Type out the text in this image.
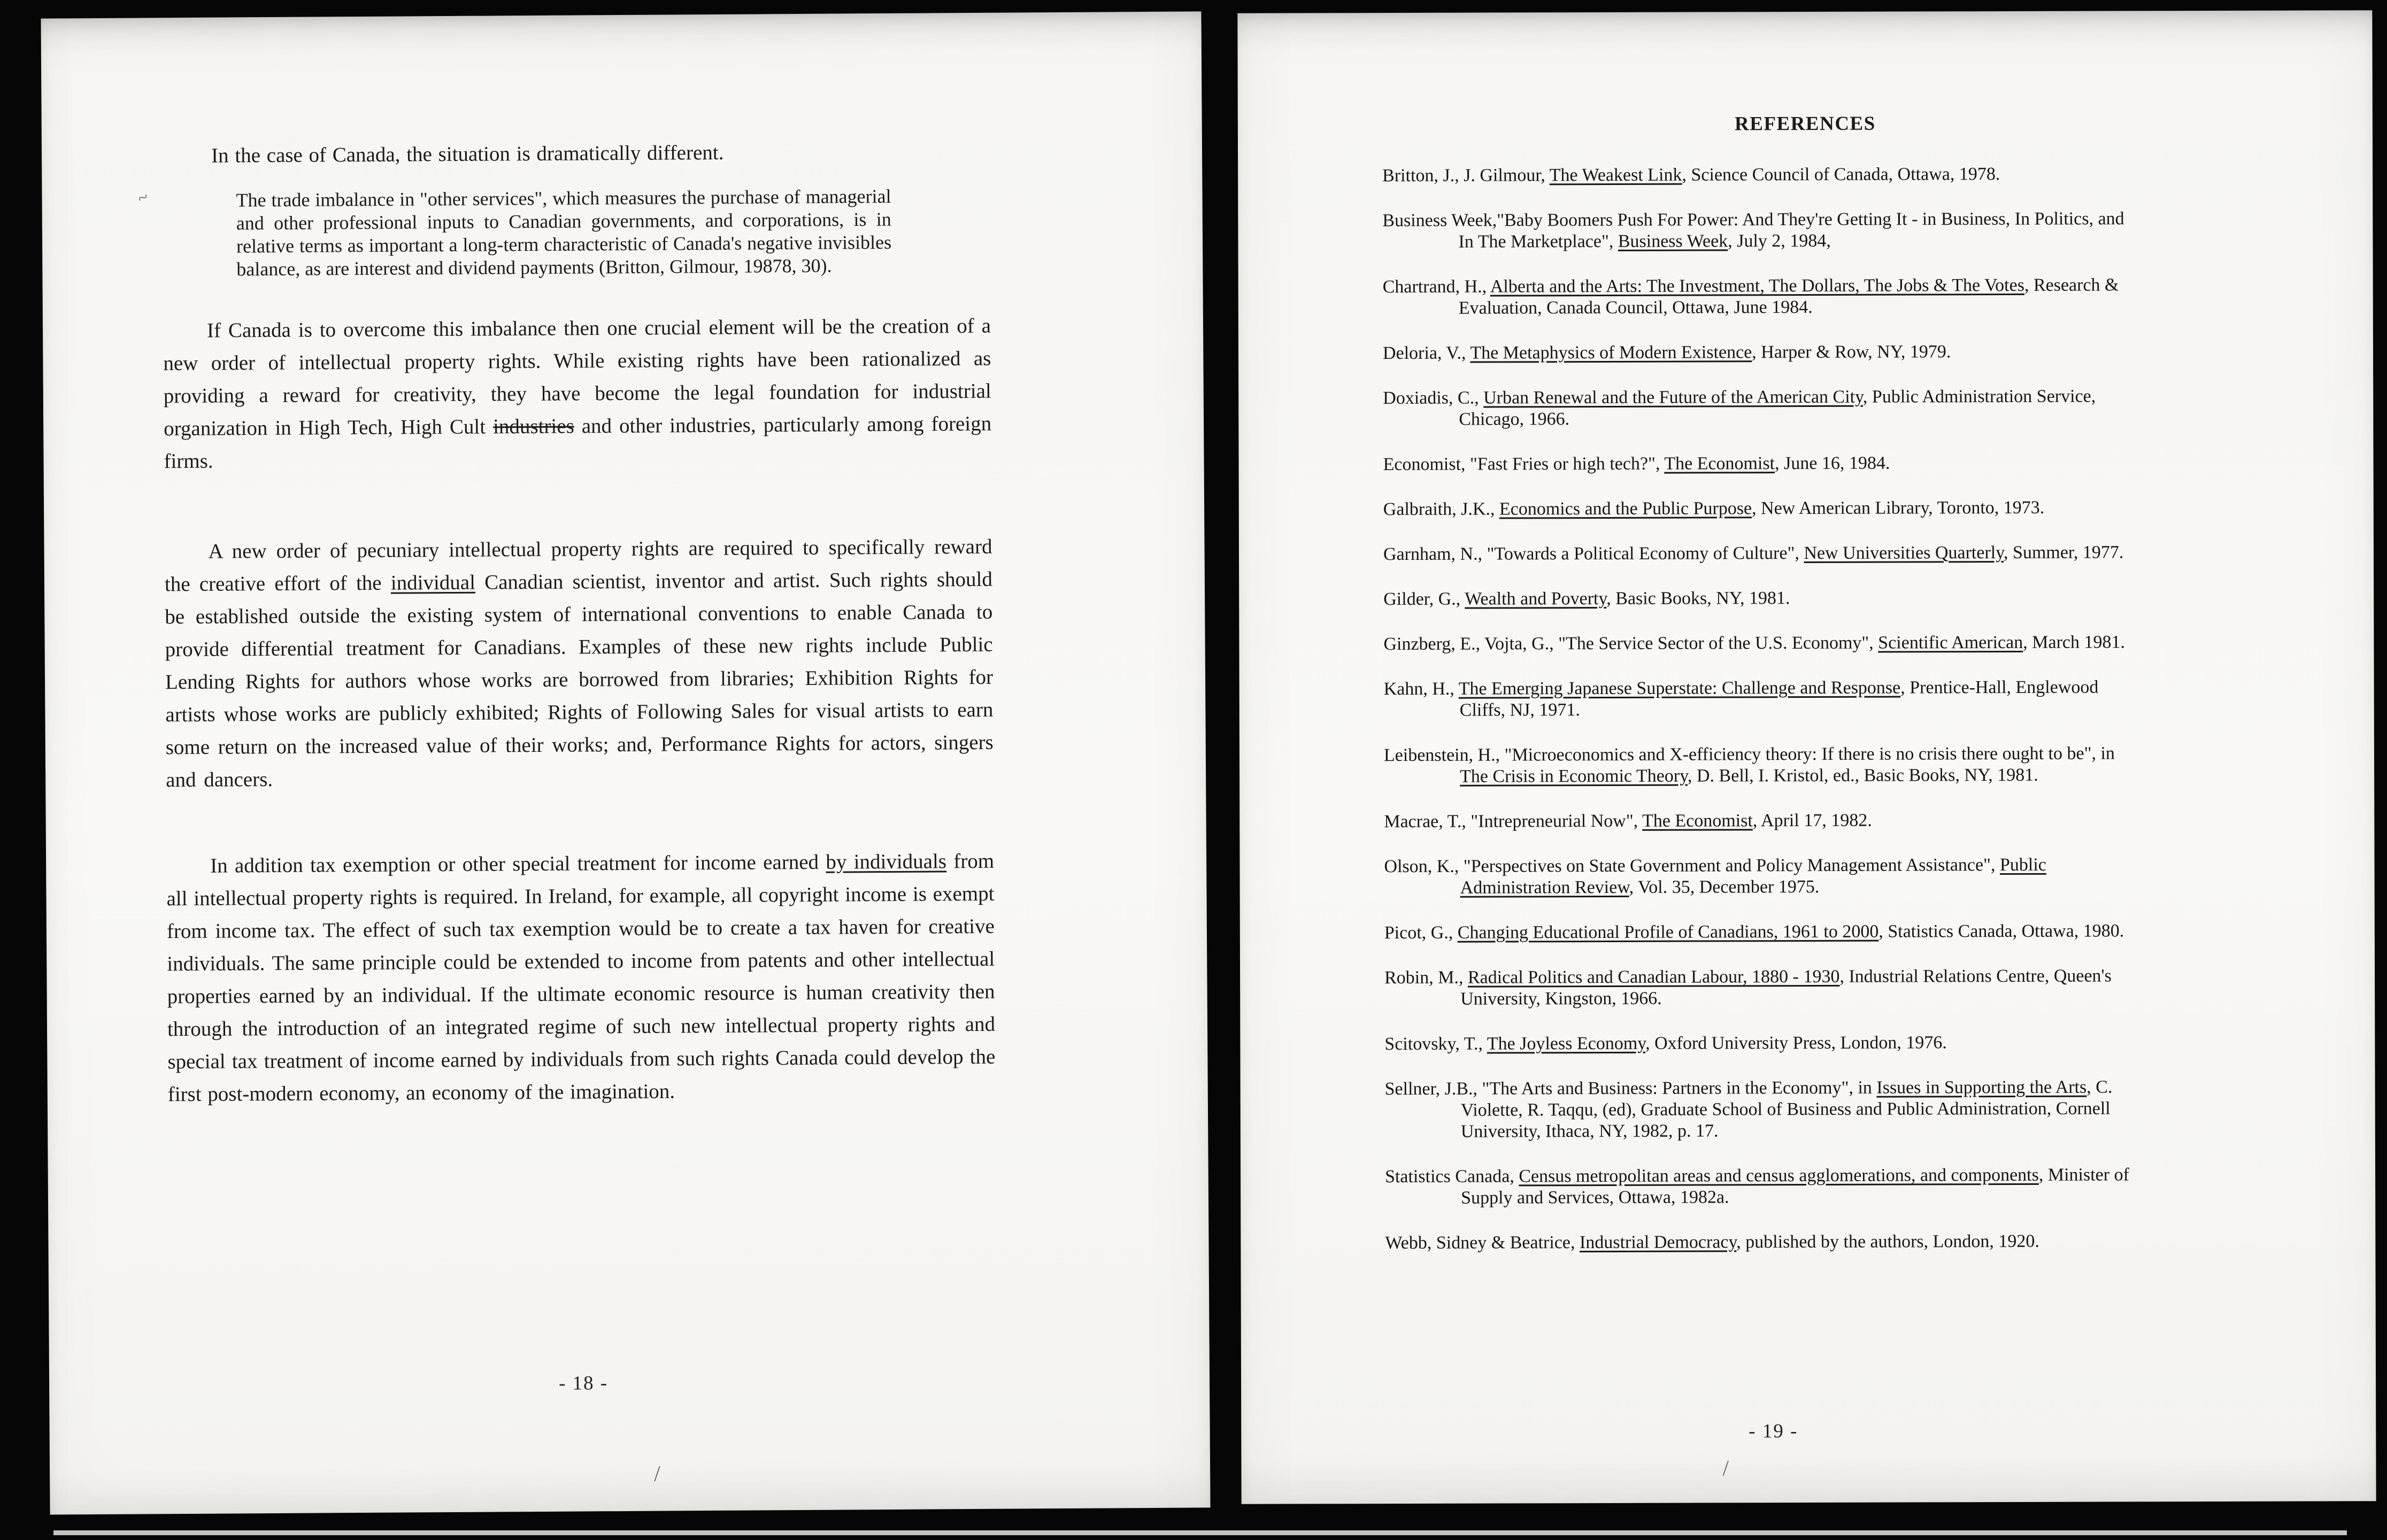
~

In the case of Canada, the situation is dramatically different.

The trade imbalance in "other services", which measures the purchase of managerial and other professional inputs to Canadian governments, and corporations, is in relative terms as important a long-term characteristic of Canada's negative invisibles balance, as are interest and dividend payments (Britton, Gilmour, 19878, 30).

If Canada is to overcome this imbalance then one crucial element will be the creation of a new order of intellectual property rights. While existing rights have been rationalized as providing a reward for creativity, they have become the legal foundation for industrial organization in High Tech, High Cult industries and other industries, particularly among foreign firms.

A new order of pecuniary intellectual property rights are required to specifically reward the creative effort of the individual Canadian scientist, inventor and artist. Such rights should be established outside the existing system of international conventions to enable Canada to provide differential treatment for Canadians. Examples of these new rights include Public Lending Rights for authors whose works are borrowed from libraries; Exhibition Rights for artists whose works are publicly exhibited; Rights of Following Sales for visual artists to earn some return on the increased value of their works; and, Performance Rights for actors, singers and dancers.

In addition tax exemption or other special treatment for income earned by individuals from all intellectual property rights is required. In Ireland, for example, all copyright income is exempt from income tax. The effect of such tax exemption would be to create a tax haven for creative individuals. The same principle could be extended to income from patents and other intellectual properties earned by an individual. If the ultimate economic resource is human creativity then through the introduction of an integrated regime of such new intellectual property rights and special tax treatment of income earned by individuals from such rights Canada could develop the first post-modern economy, an economy of the imagination.

- 18 -
/
REFERENCES
Britton, J., J. Gilmour, The Weakest Link, Science Council of Canada, Ottawa, 1978.
Business Week,"Baby Boomers Push For Power: And They're Getting It - in Business, In Politics, and In The Marketplace", Business Week, July 2, 1984,
Chartrand, H., Alberta and the Arts: The Investment, The Dollars, The Jobs & The Votes, Research & Evaluation, Canada Council, Ottawa, June 1984.
Deloria, V., The Metaphysics of Modern Existence, Harper & Row, NY, 1979.
Doxiadis, C., Urban Renewal and the Future of the American City, Public Administration Service, Chicago, 1966.
Economist, "Fast Fries or high tech?", The Economist, June 16, 1984.
Galbraith, J.K., Economics and the Public Purpose, New American Library, Toronto, 1973.
Garnham, N., "Towards a Political Economy of Culture", New Universities Quarterly, Summer, 1977.
Gilder, G., Wealth and Poverty, Basic Books, NY, 1981.
Ginzberg, E., Vojta, G., "The Service Sector of the U.S. Economy", Scientific American, March 1981.
Kahn, H., The Emerging Japanese Superstate: Challenge and Response, Prentice-Hall, Englewood Cliffs, NJ, 1971.
Leibenstein, H., "Microeconomics and X-efficiency theory: If there is no crisis there ought to be", in The Crisis in Economic Theory, D. Bell, I. Kristol, ed., Basic Books, NY, 1981.
Macrae, T., "Intrepreneurial Now", The Economist, April 17, 1982.
Olson, K., "Perspectives on State Government and Policy Management Assistance", Public Administration Review, Vol. 35, December 1975.
Picot, G., Changing Educational Profile of Canadians, 1961 to 2000, Statistics Canada, Ottawa, 1980.
Robin, M., Radical Politics and Canadian Labour, 1880 - 1930, Industrial Relations Centre, Queen's University, Kingston, 1966.
Scitovsky, T., The Joyless Economy, Oxford University Press, London, 1976.
Sellner, J.B., "The Arts and Business: Partners in the Economy", in Issues in Supporting the Arts, C. Violette, R. Taqqu, (ed), Graduate School of Business and Public Administration, Cornell University, Ithaca, NY, 1982, p. 17.
Statistics Canada, Census metropolitan areas and census agglomerations, and components, Minister of Supply and Services, Ottawa, 1982a.
Webb, Sidney & Beatrice, Industrial Democracy, published by the authors, London, 1920.
- 19 -
/
